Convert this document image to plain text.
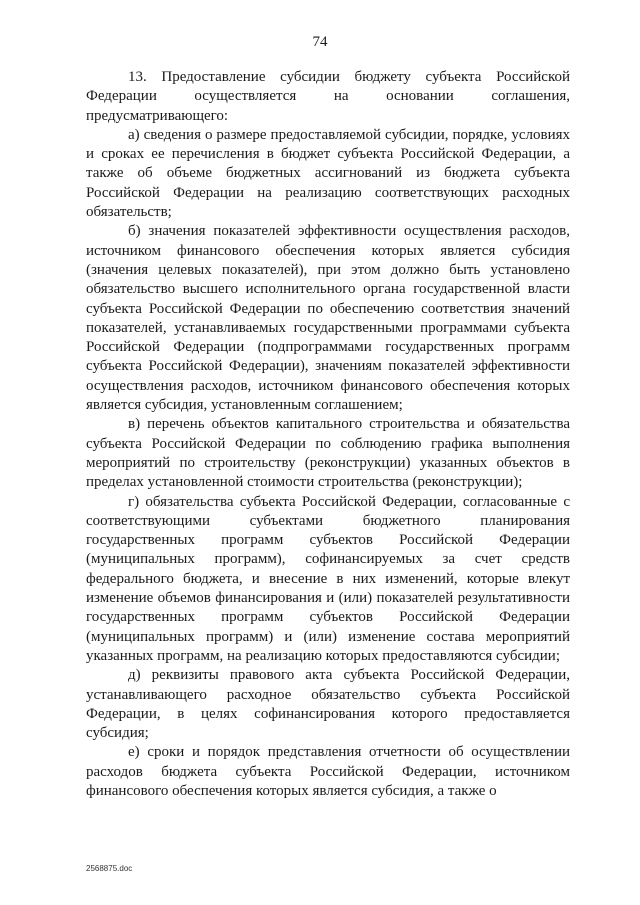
74

13. Предоставление субсидии бюджету субъекта Российской Федерации осуществляется на основании соглашения, предусматривающего:

а) сведения о размере предоставляемой субсидии, порядке, условиях и сроках ее перечисления в бюджет субъекта Российской Федерации, а также об объеме бюджетных ассигнований из бюджета субъекта Российской Федерации на реализацию соответствующих расходных обязательств;

б) значения показателей эффективности осуществления расходов, источником финансового обеспечения которых является субсидия (значения целевых показателей), при этом должно быть установлено обязательство высшего исполнительного органа государственной власти субъекта Российской Федерации по обеспечению соответствия значений показателей, устанавливаемых государственными программами субъекта Российской Федерации (подпрограммами государственных программ субъекта Российской Федерации), значениям показателей эффективности осуществления расходов, источником финансового обеспечения которых является субсидия, установленным соглашением;

в) перечень объектов капитального строительства и обязательства субъекта Российской Федерации по соблюдению графика выполнения мероприятий по строительству (реконструкции) указанных объектов в пределах установленной стоимости строительства (реконструкции);

г) обязательства субъекта Российской Федерации, согласованные с соответствующими субъектами бюджетного планирования государственных программ субъектов Российской Федерации (муниципальных программ), софинансируемых за счет средств федерального бюджета, и внесение в них изменений, которые влекут изменение объемов финансирования и (или) показателей результативности государственных программ субъектов Российской Федерации (муниципальных программ) и (или) изменение состава мероприятий указанных программ, на реализацию которых предоставляются субсидии;

д) реквизиты правового акта субъекта Российской Федерации, устанавливающего расходное обязательство субъекта Российской Федерации, в целях софинансирования которого предоставляется субсидия;

е) сроки и порядок представления отчетности об осуществлении расходов бюджета субъекта Российской Федерации, источником финансового обеспечения которых является субсидия, а также о

2568875.doc
